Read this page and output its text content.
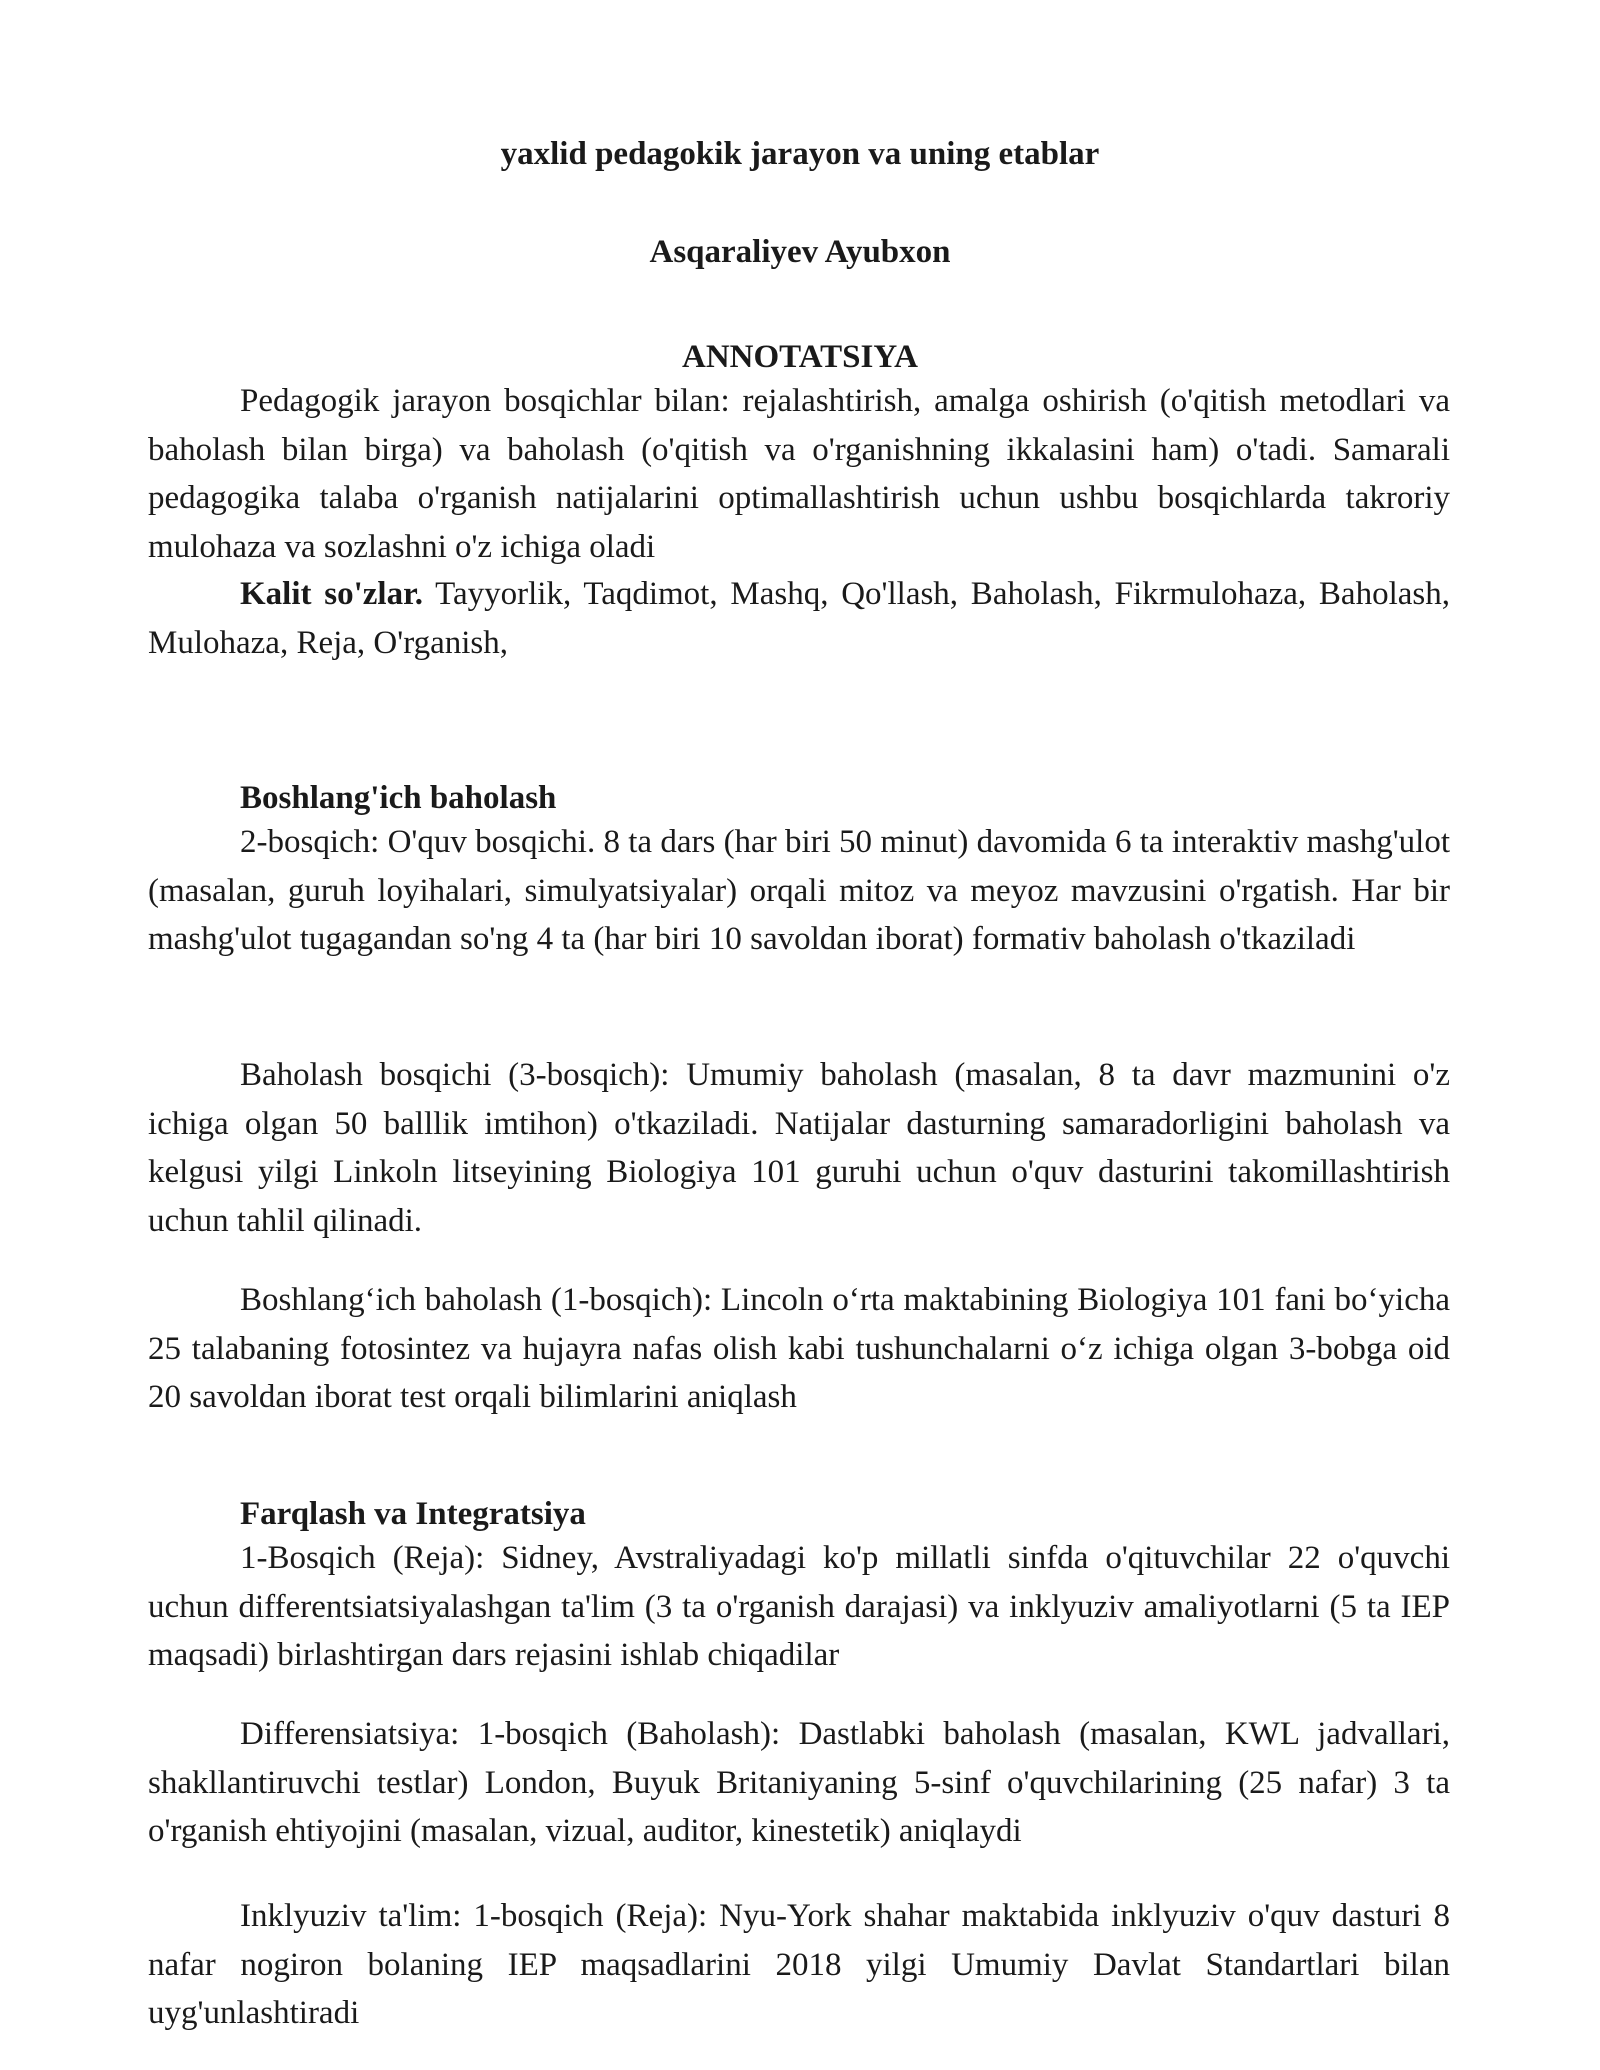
yaxlid pedagokik jarayon va uning etablar
Asqaraliyev Ayubxon
ANNOTATSIYA

Pedagogik jarayon bosqichlar bilan: rejalashtirish, amalga oshirish (o'qitish metodlari va baholash bilan birga) va baholash (o'qitish va o'rganishning ikkalasini ham) o'tadi. Samarali pedagogika talaba o'rganish natijalarini optimallashtirish uchun ushbu bosqichlarda takroriy mulohaza va sozlashni o'z ichiga oladi

Kalit so'zlar. Tayyorlik, Taqdimot, Mashq, Qo'llash, Baholash, Fikrmulohaza, Baholash, Mulohaza, Reja, O'rganish,

Boshlang'ich baholash

2-bosqich: O'quv bosqichi. 8 ta dars (har biri 50 minut) davomida 6 ta interaktiv mashg'ulot (masalan, guruh loyihalari, simulyatsiyalar) orqali mitoz va meyoz mavzusini o'rgatish. Har bir mashg'ulot tugagandan so'ng 4 ta (har biri 10 savoldan iborat) formativ baholash o'tkaziladi

Baholash bosqichi (3-bosqich): Umumiy baholash (masalan, 8 ta davr mazmunini o'z ichiga olgan 50 balllik imtihon) o'tkaziladi. Natijalar dasturning samaradorligini baholash va kelgusi yilgi Linkoln litseyining Biologiya 101 guruhi uchun o'quv dasturini takomillashtirish uchun tahlil qilinadi.

Boshlang‘ich baholash (1-bosqich): Lincoln o‘rta maktabining Biologiya 101 fani bo‘yicha 25 talabaning fotosintez va hujayra nafas olish kabi tushunchalarni o‘z ichiga olgan 3-bobga oid 20 savoldan iborat test orqali bilimlarini aniqlash

Farqlash va Integratsiya

1-Bosqich (Reja): Sidney, Avstraliyadagi ko'p millatli sinfda o'qituvchilar 22 o'quvchi uchun differentsiatsiyalashgan ta'lim (3 ta o'rganish darajasi) va inklyuziv amaliyotlarni (5 ta IEP maqsadi) birlashtirgan dars rejasini ishlab chiqadilar

Differensiatsiya: 1-bosqich (Baholash): Dastlabki baholash (masalan, KWL jadvallari, shakllantiruvchi testlar) London, Buyuk Britaniyaning 5-sinf o'quvchilarining (25 nafar) 3 ta o'rganish ehtiyojini (masalan, vizual, auditor, kinestetik) aniqlaydi

Inklyuziv ta'lim: 1-bosqich (Reja): Nyu-York shahar maktabida inklyuziv o'quv dasturi 8 nafar nogiron bolaning IEP maqsadlarini 2018 yilgi Umumiy Davlat Standartlari bilan uyg'unlashtiradi
